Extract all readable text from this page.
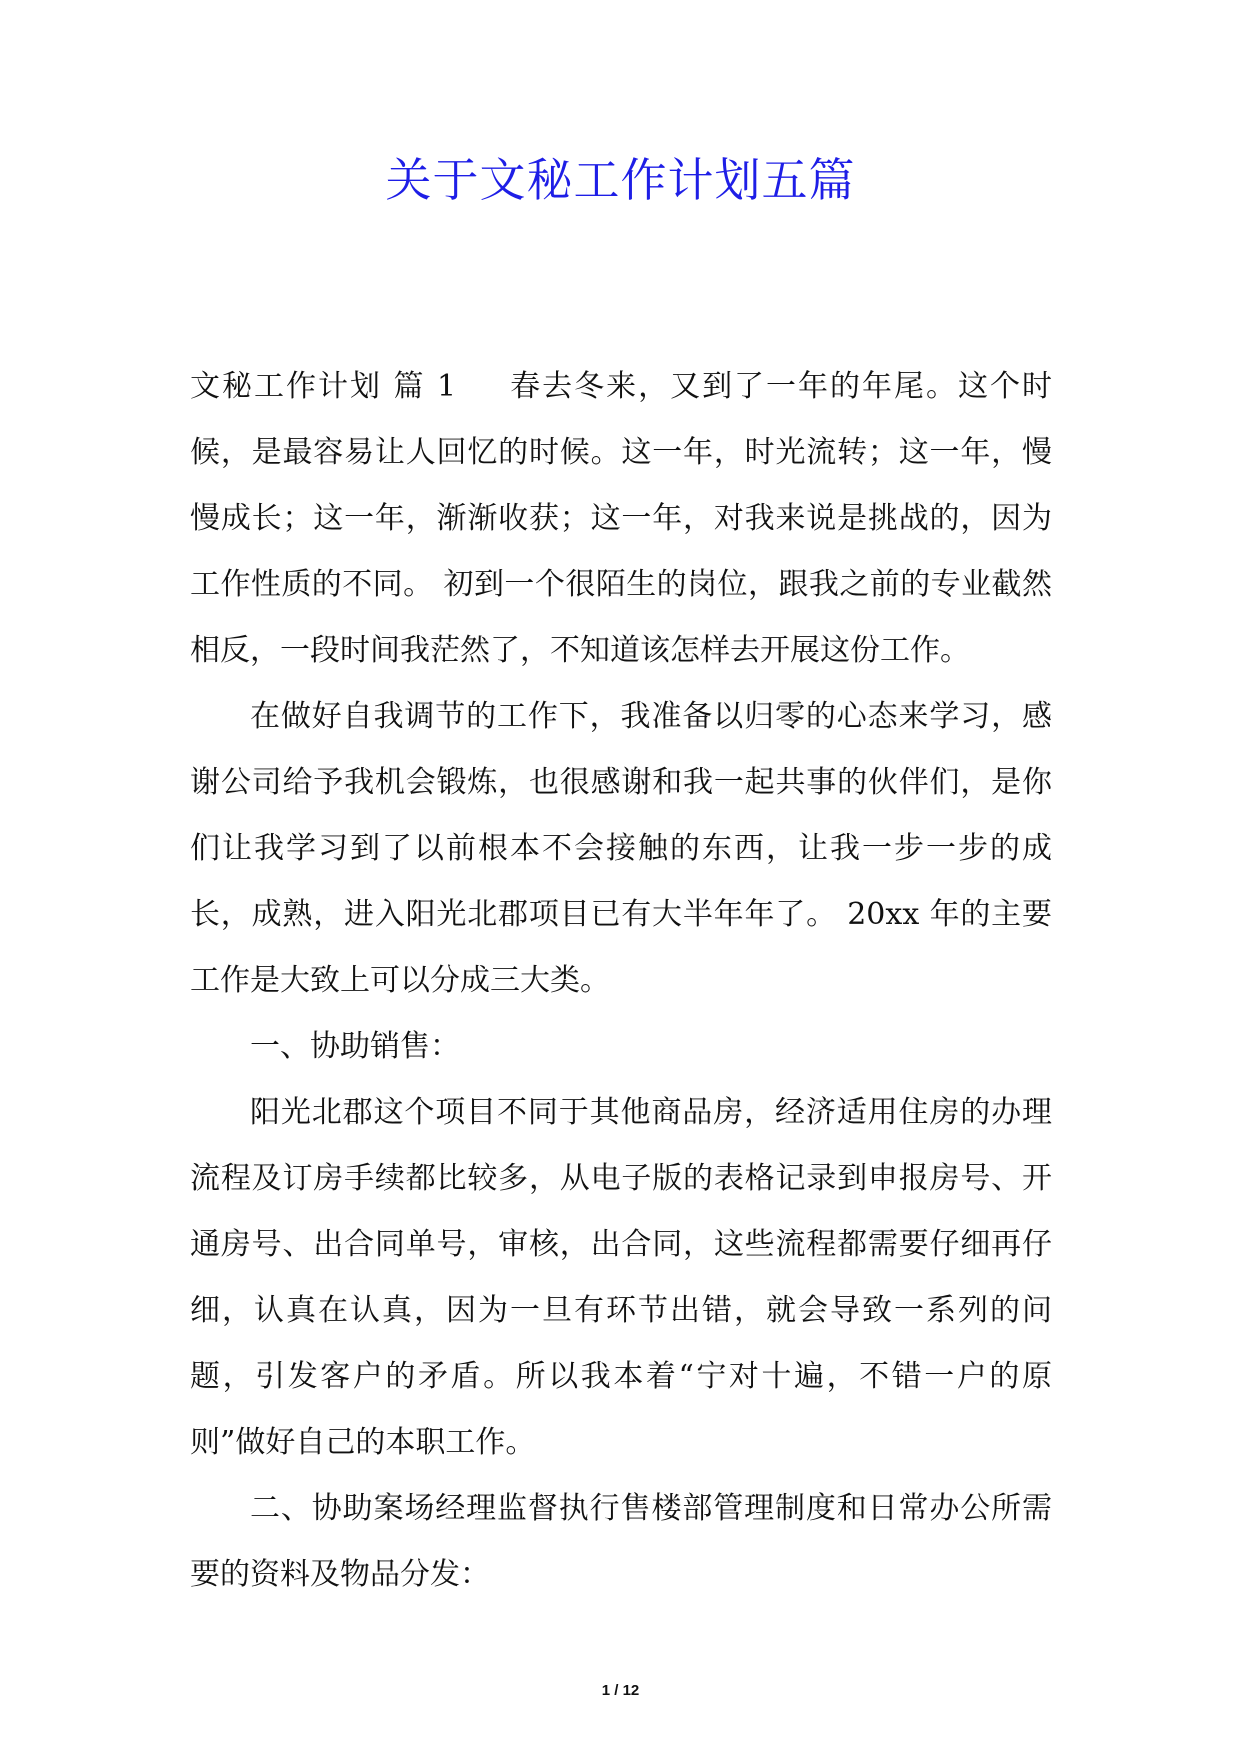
关于文秘工作计划五篇

文秘工作计划 篇 1 春去冬来，又到了一年的年尾。这个时候，是最容易让人回忆的时候。这一年，时光流转；这一年，慢慢成长；这一年，渐渐收获；这一年，对我来说是挑战的，因为工作性质的不同。 初到一个很陌生的岗位，跟我之前的专业截然相反，一段时间我茫然了，不知道该怎样去开展这份工作。

在做好自我调节的工作下，我准备以归零的心态来学习，感谢公司给予我机会锻炼，也很感谢和我一起共事的伙伴们，是你们让我学习到了以前根本不会接触的东西，让我一步一步的成长，成熟，进入阳光北郡项目已有大半年年了。 20xx 年的主要工作是大致上可以分成三大类。

一、协助销售：

阳光北郡这个项目不同于其他商品房，经济适用住房的办理流程及订房手续都比较多，从电子版的表格记录到申报房号、开通房号、出合同单号，审核，出合同，这些流程都需要仔细再仔细，认真在认真，因为一旦有环节出错，就会导致一系列的问题，引发客户的矛盾。所以我本着“宁对十遍，不错一户的原则”做好自己的本职工作。

二、协助案场经理监督执行售楼部管理制度和日常办公所需要的资料及物品分发：

1 / 12
